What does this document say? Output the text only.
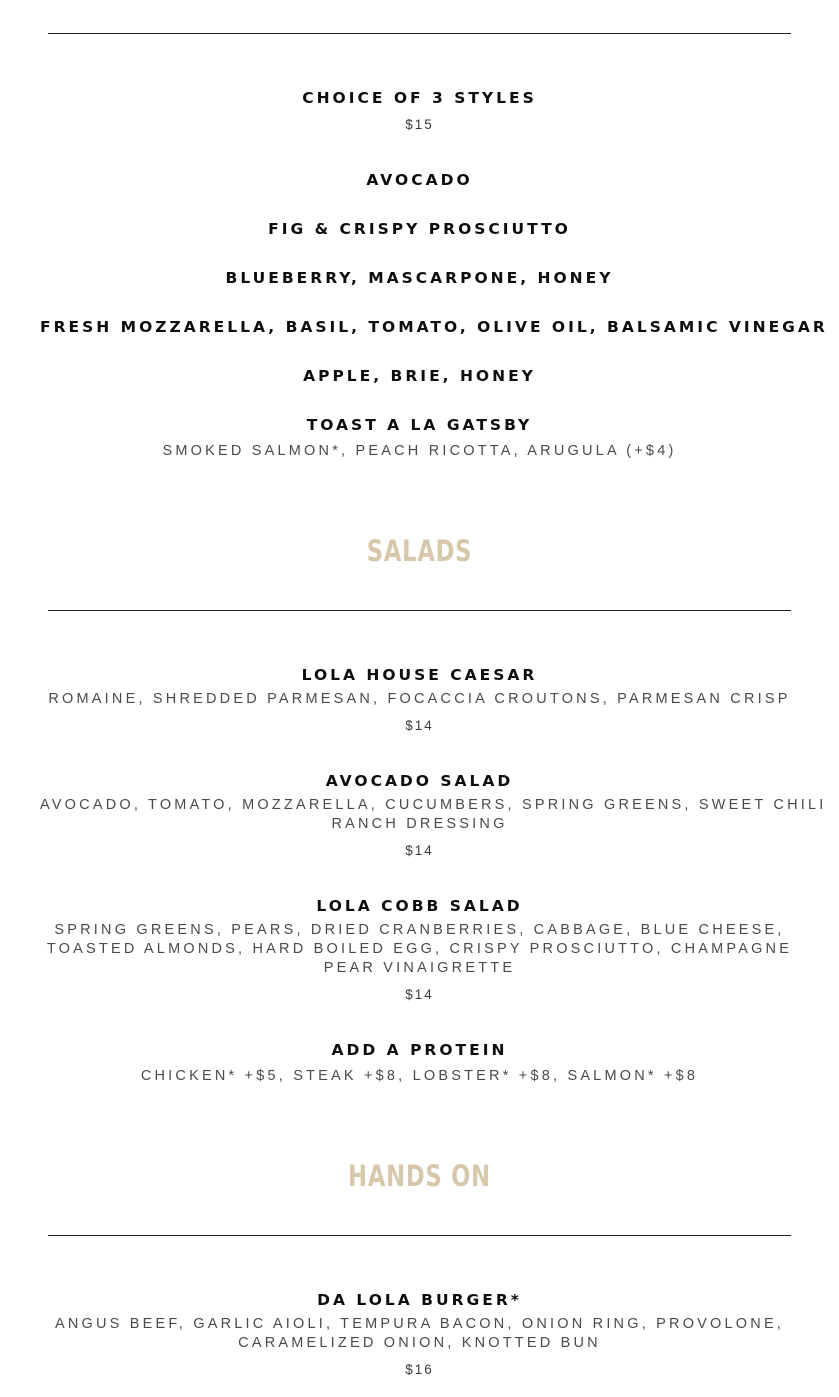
CHOICE OF 3 STYLES
$15
AVOCADO
FIG & CRISPY PROSCIUTTO
BLUEBERRY, MASCARPONE, HONEY
FRESH MOZZARELLA, BASIL, TOMATO, OLIVE OIL, BALSAMIC VINEGAR
APPLE, BRIE, HONEY
TOAST A LA GATSBY
SMOKED SALMON*, PEACH RICOTTA, ARUGULA (+$4)
SALADS
LOLA HOUSE CAESAR
ROMAINE, SHREDDED PARMESAN, FOCACCIA CROUTONS, PARMESAN CRISP
$14
AVOCADO SALAD
AVOCADO, TOMATO, MOZZARELLA, CUCUMBERS, SPRING GREENS, SWEET CHILI
RANCH DRESSING
$14
LOLA COBB SALAD
SPRING GREENS, PEARS, DRIED CRANBERRIES, CABBAGE, BLUE CHEESE,
TOASTED ALMONDS, HARD BOILED EGG, CRISPY PROSCIUTTO, CHAMPAGNE
PEAR VINAIGRETTE
$14
ADD A PROTEIN
CHICKEN* +$5, STEAK +$8, LOBSTER* +$8, SALMON* +$8
HANDS ON
DA LOLA BURGER*
ANGUS BEEF, GARLIC AIOLI, TEMPURA BACON, ONION RING, PROVOLONE,
CARAMELIZED ONION, KNOTTED BUN
$16
